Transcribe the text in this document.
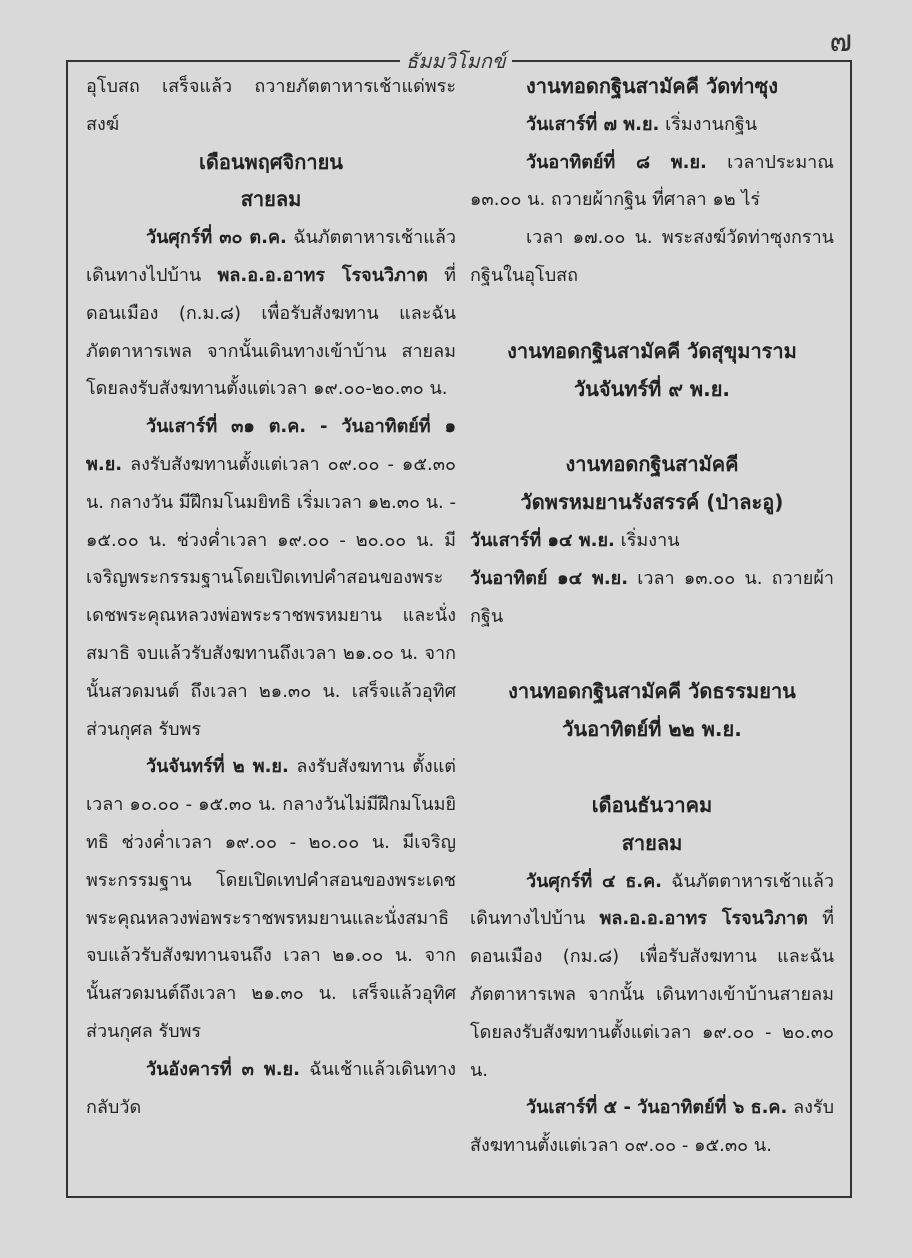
๗
ธัมมวิโมกข์

อุโบสถ เสร็จแล้ว ถวายภัตตาหารเช้าแด่พระสงฆ์

เดือนพฤศจิกายน

สายลม

วันศุกร์ที่ ๓๐ ต.ค. ฉันภัตตาหารเช้าแล้ว เดินทางไปบ้าน พล.อ.อ.อาทร โรจนวิภาต ที่ดอนเมือง (ก.ม.๘) เพื่อรับสังฆทาน และฉันภัตตาหารเพล จากนั้นเดินทางเข้าบ้าน สายลม โดยลงรับสังฆทานตั้งแต่เวลา ๑๙.๐๐-๒๐.๓๐ น.

วันเสาร์ที่ ๓๑ ต.ค. - วันอาทิตย์ที่ ๑ พ.ย. ลงรับสังฆทานตั้งแต่เวลา ๐๙.๐๐ - ๑๕.๓๐ น. กลางวัน มีฝึกมโนมยิทธิ เริ่มเวลา ๑๒.๓๐ น. - ๑๕.๐๐ น. ช่วงค่ำเวลา ๑๙.๐๐ - ๒๐.๐๐ น. มีเจริญพระกรรมฐานโดยเปิดเทปคำสอนของพระเดชพระคุณหลวงพ่อพระราชพรหมยาน และนั่งสมาธิ จบแล้วรับสังฆทานถึงเวลา ๒๑.๐๐ น. จากนั้นสวดมนต์ ถึงเวลา ๒๑.๓๐ น. เสร็จแล้วอุทิศส่วนกุศล รับพร

วันจันทร์ที่ ๒ พ.ย. ลงรับสังฆทาน ตั้งแต่เวลา ๑๐.๐๐ - ๑๕.๓๐ น. กลางวันไม่มีฝึกมโนมยิทธิ ช่วงค่ำเวลา ๑๙.๐๐ - ๒๐.๐๐ น. มีเจริญพระกรรมฐาน โดยเปิดเทปคำสอนของพระเดชพระคุณหลวงพ่อพระราชพรหมยานและนั่งสมาธิ จบแล้วรับสังฆทานจนถึง เวลา ๒๑.๐๐ น. จากนั้นสวดมนต์ถึงเวลา ๒๑.๓๐ น. เสร็จแล้วอุทิศส่วนกุศล รับพร

วันอังคารที่ ๓ พ.ย. ฉันเช้าแล้วเดินทางกลับวัด

งานทอดกฐินสามัคคี วัดท่าซุง

วันเสาร์ที่ ๗ พ.ย. เริ่มงานกฐิน

วันอาทิตย์ที่ ๘ พ.ย. เวลาประมาณ ๑๓.๐๐ น. ถวายผ้ากฐิน ที่ศาลา ๑๒ ไร่

เวลา ๑๗.๐๐ น. พระสงฆ์วัดท่าซุงกรานกฐินในอุโบสถ

งานทอดกฐินสามัคคี วัดสุขุมาราม

วันจันทร์ที่ ๙ พ.ย.

งานทอดกฐินสามัคคี

วัดพรหมยานรังสรรค์ (ป่าละอู)

วันเสาร์ที่ ๑๔ พ.ย. เริ่มงาน

วันอาทิตย์ ๑๔ พ.ย. เวลา ๑๓.๐๐ น. ถวายผ้ากฐิน

งานทอดกฐินสามัคคี วัดธรรมยาน

วันอาทิตย์ที่ ๒๒ พ.ย.

เดือนธันวาคม

สายลม

วันศุกร์ที่ ๔ ธ.ค. ฉันภัตตาหารเช้าแล้วเดินทางไปบ้าน พล.อ.อ.อาทร โรจนวิภาต ที่ดอนเมือง (กม.๘) เพื่อรับสังฆทาน และฉันภัตตาหารเพล จากนั้น เดินทางเข้าบ้านสายลม โดยลงรับสังฆทานตั้งแต่เวลา ๑๙.๐๐ - ๒๐.๓๐ น.

วันเสาร์ที่ ๕ - วันอาทิตย์ที่ ๖ ธ.ค. ลงรับสังฆทานตั้งแต่เวลา ๐๙.๐๐ - ๑๕.๓๐ น.
